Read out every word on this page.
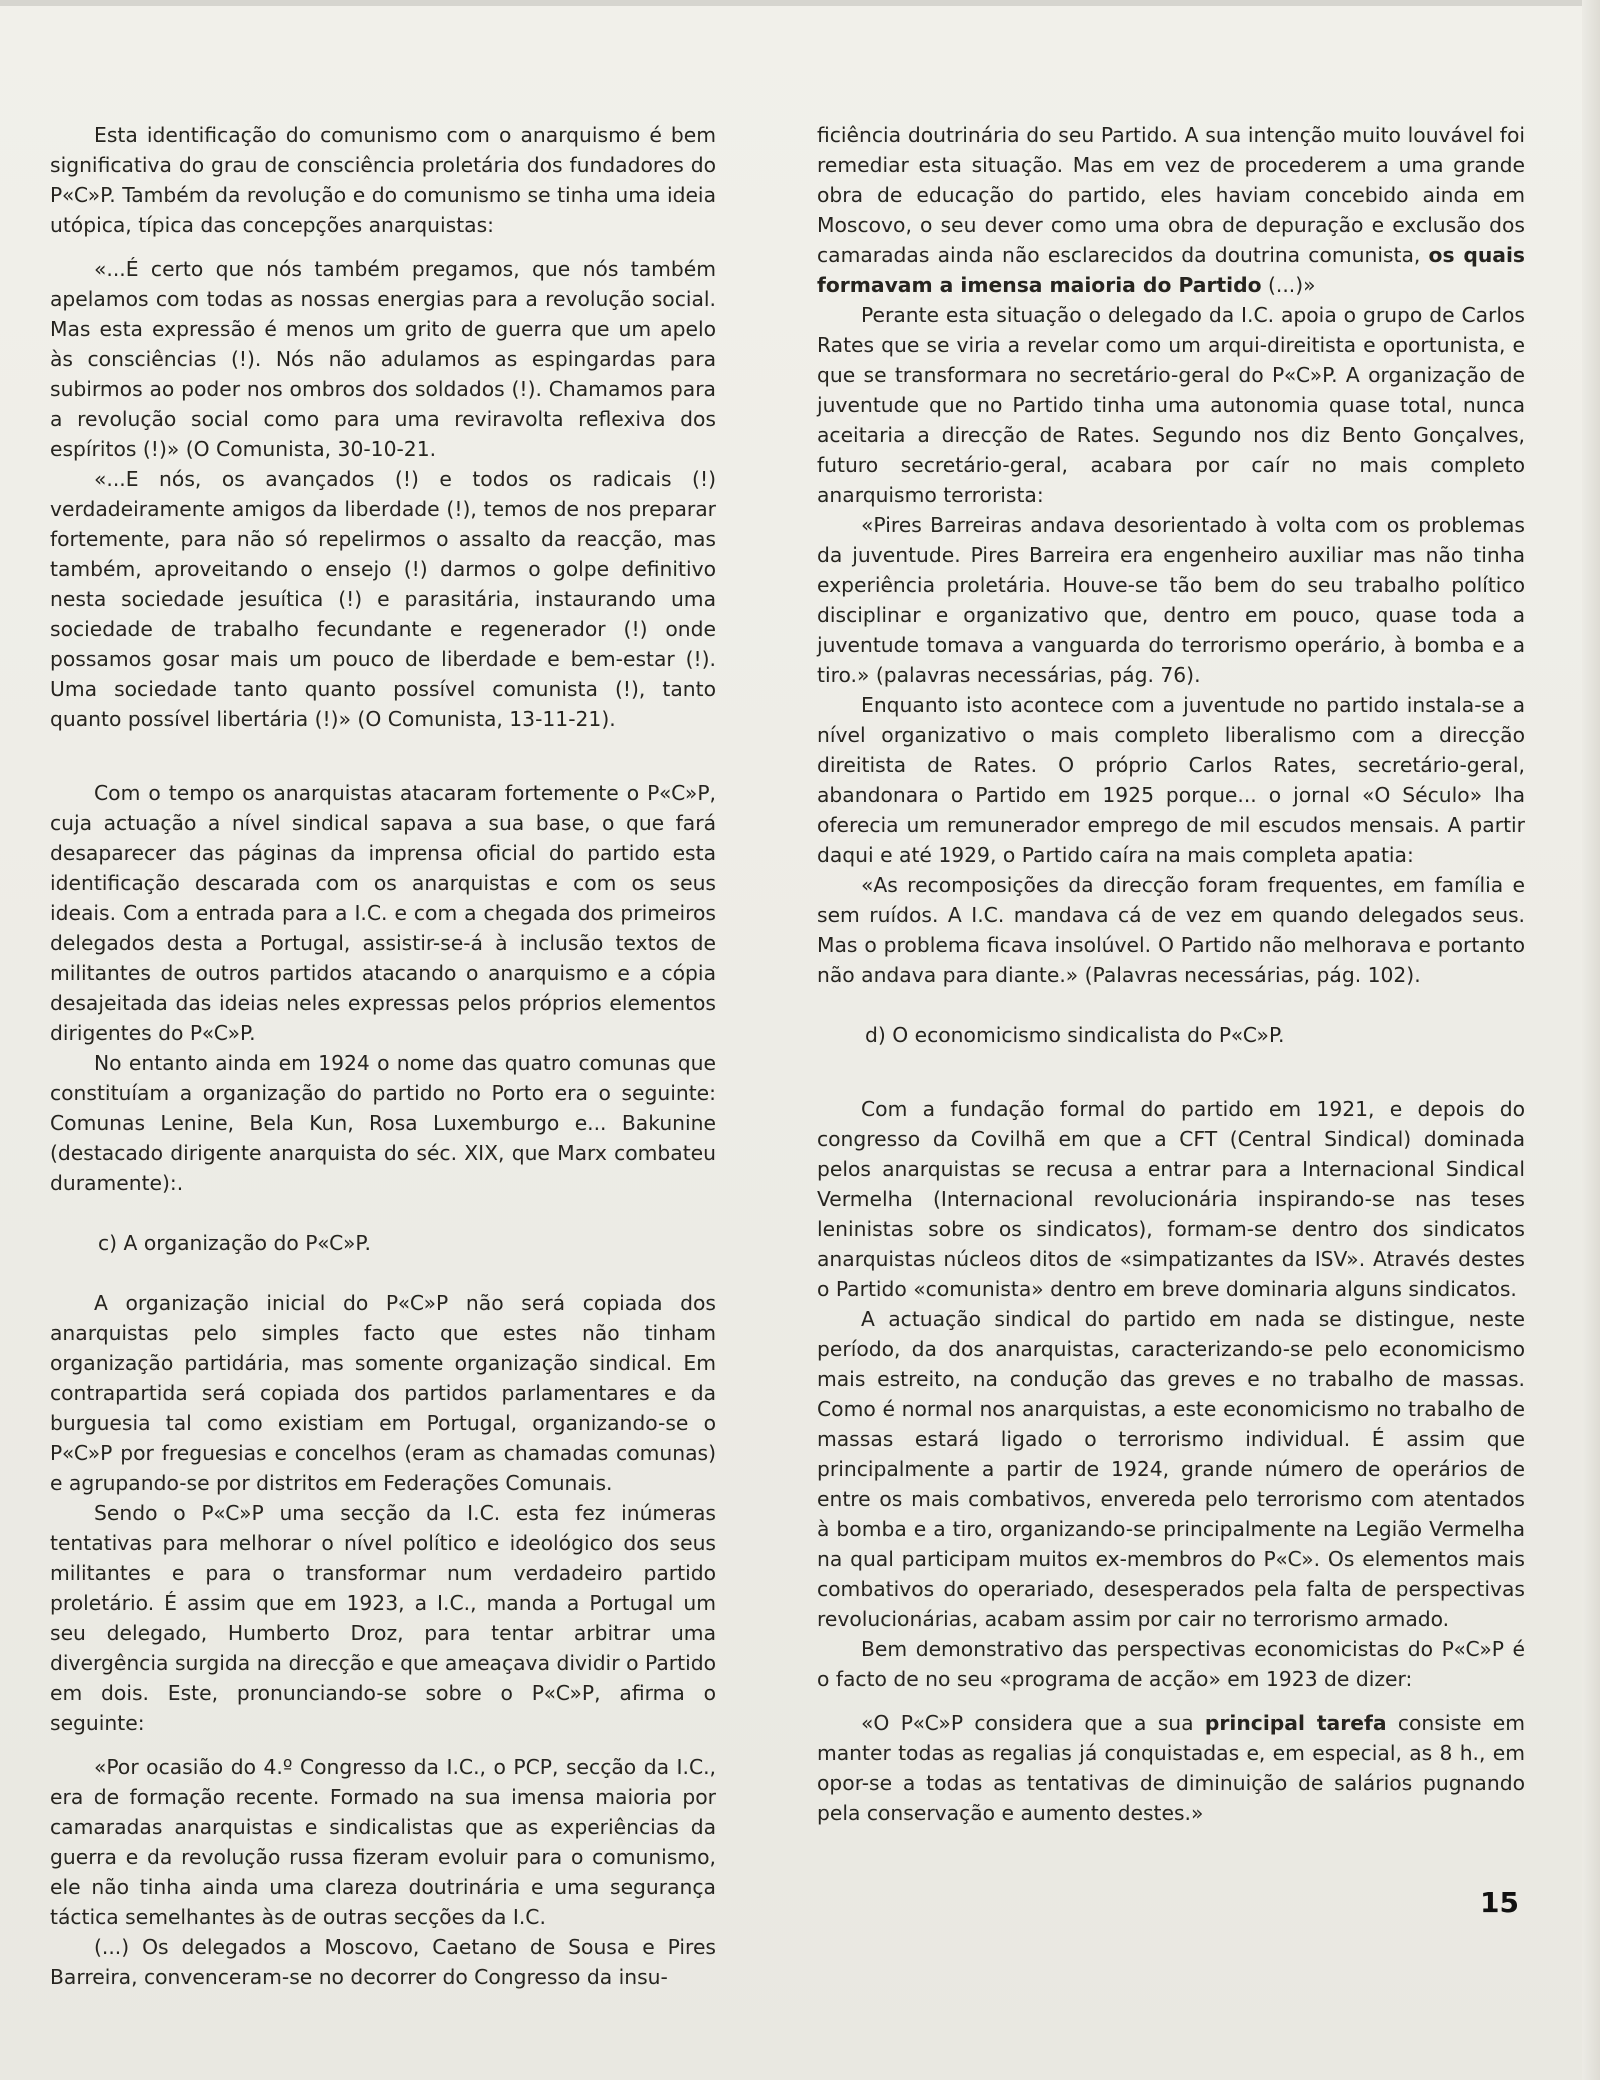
Esta identificação do comunismo com o anarquismo é bem significativa do grau de consciência proletária dos fundadores do P«C»P. Também da revolução e do comunismo se tinha uma ideia utópica, típica das concepções anarquistas:

«...É certo que nós também pregamos, que nós também apelamos com todas as nossas energias para a revolução social. Mas esta expressão é menos um grito de guerra que um apelo às consciências (!). Nós não adulamos as espingardas para subirmos ao poder nos ombros dos soldados (!). Chamamos para a revolução social como para uma reviravolta reflexiva dos espíritos (!)» (O Comunista, 30-10-21.

«...E nós, os avançados (!) e todos os radicais (!) verdadeiramente amigos da liberdade (!), temos de nos preparar fortemente, para não só repelirmos o assalto da reacção, mas também, aproveitando o ensejo (!) darmos o golpe definitivo nesta sociedade jesuítica (!) e parasitária, instaurando uma sociedade de trabalho fecundante e regenerador (!) onde possamos gosar mais um pouco de liberdade e bem-estar (!). Uma sociedade tanto quanto possível comunista (!), tanto quanto possível libertária (!)» (O Comunista, 13-11-21).

Com o tempo os anarquistas atacaram fortemente o P«C»P, cuja actuação a nível sindical sapava a sua base, o que fará desaparecer das páginas da imprensa oficial do partido esta identificação descarada com os anarquistas e com os seus ideais. Com a entrada para a I.C. e com a chegada dos primeiros delegados desta a Portugal, assistir-se-á à inclusão textos de militantes de outros partidos atacando o anarquismo e a cópia desajeitada das ideias neles expressas pelos próprios elementos dirigentes do P«C»P.

No entanto ainda em 1924 o nome das quatro comunas que constituíam a organização do partido no Porto era o seguinte: Comunas Lenine, Bela Kun, Rosa Luxemburgo e... Bakunine (destacado dirigente anarquista do séc. XIX, que Marx combateu duramente):.

c) A organização do P«C»P.

A organização inicial do P«C»P não será copiada dos anarquistas pelo simples facto que estes não tinham organização partidária, mas somente organização sindical. Em contrapartida será copiada dos partidos parlamentares e da burguesia tal como existiam em Portugal, organizando-se o P«C»P por freguesias e concelhos (eram as chamadas comunas) e agrupando-se por distritos em Federações Comunais.

Sendo o P«C»P uma secção da I.C. esta fez inúmeras tentativas para melhorar o nível político e ideológico dos seus militantes e para o transformar num verdadeiro partido proletário. É assim que em 1923, a I.C., manda a Portugal um seu delegado, Humberto Droz, para tentar arbitrar uma divergência surgida na direcção e que ameaçava dividir o Partido em dois. Este, pronunciando-se sobre o P«C»P, afirma o seguinte:

«Por ocasião do 4.º Congresso da I.C., o PCP, secção da I.C., era de formação recente. Formado na sua imensa maioria por camaradas anarquistas e sindicalistas que as experiências da guerra e da revolução russa fizeram evoluir para o comunismo, ele não tinha ainda uma clareza doutrinária e uma segurança táctica semelhantes às de outras secções da I.C.

(...) Os delegados a Moscovo, Caetano de Sousa e Pires Barreira, convenceram-se no decorrer do Congresso da insu-

ficiência doutrinária do seu Partido. A sua intenção muito louvável foi remediar esta situação. Mas em vez de procederem a uma grande obra de educação do partido, eles haviam concebido ainda em Moscovo, o seu dever como uma obra de depuração e exclusão dos camaradas ainda não esclarecidos da doutrina comunista, os quais formavam a imensa maioria do Partido (...)»

Perante esta situação o delegado da I.C. apoia o grupo de Carlos Rates que se viria a revelar como um arqui-direitista e oportunista, e que se transformara no secretário-geral do P«C»P. A organização de juventude que no Partido tinha uma autonomia quase total, nunca aceitaria a direcção de Rates. Segundo nos diz Bento Gonçalves, futuro secretário-geral, acabara por caír no mais completo anarquismo terrorista:

«Pires Barreiras andava desorientado à volta com os problemas da juventude. Pires Barreira era engenheiro auxiliar mas não tinha experiência proletária. Houve-se tão bem do seu trabalho político disciplinar e organizativo que, dentro em pouco, quase toda a juventude tomava a vanguarda do terrorismo operário, à bomba e a tiro.» (palavras necessárias, pág. 76).

Enquanto isto acontece com a juventude no partido instala-se a nível organizativo o mais completo liberalismo com a direcção direitista de Rates. O próprio Carlos Rates, secretário-geral, abandonara o Partido em 1925 porque... o jornal «O Século» lha oferecia um remunerador emprego de mil escudos mensais. A partir daqui e até 1929, o Partido caíra na mais completa apatia:

«As recomposições da direcção foram frequentes, em família e sem ruídos. A I.C. mandava cá de vez em quando delegados seus. Mas o problema ficava insolúvel. O Partido não melhorava e portanto não andava para diante.» (Palavras necessárias, pág. 102).

d) O economicismo sindicalista do P«C»P.

Com a fundação formal do partido em 1921, e depois do congresso da Covilhã em que a CFT (Central Sindical) dominada pelos anarquistas se recusa a entrar para a Internacional Sindical Vermelha (Internacional revolucionária inspirando-se nas teses leninistas sobre os sindicatos), formam-se dentro dos sindicatos anarquistas núcleos ditos de «simpatizantes da ISV». Através destes o Partido «comunista» dentro em breve dominaria alguns sindicatos.

A actuação sindical do partido em nada se distingue, neste período, da dos anarquistas, caracterizando-se pelo economicismo mais estreito, na condução das greves e no trabalho de massas. Como é normal nos anarquistas, a este economicismo no trabalho de massas estará ligado o terrorismo individual. É assim que principalmente a partir de 1924, grande número de operários de entre os mais combativos, envereda pelo terrorismo com atentados à bomba e a tiro, organizando-se principalmente na Legião Vermelha na qual participam muitos ex-membros do P«C». Os elementos mais combativos do operariado, desesperados pela falta de perspectivas revolucionárias, acabam assim por cair no terrorismo armado.

Bem demonstrativo das perspectivas economicistas do P«C»P é o facto de no seu «programa de acção» em 1923 de dizer:

«O P«C»P considera que a sua principal tarefa consiste em manter todas as regalias já conquistadas e, em especial, as 8 h., em opor-se a todas as tentativas de diminuição de salários pugnando pela conservação e aumento destes.»

15
